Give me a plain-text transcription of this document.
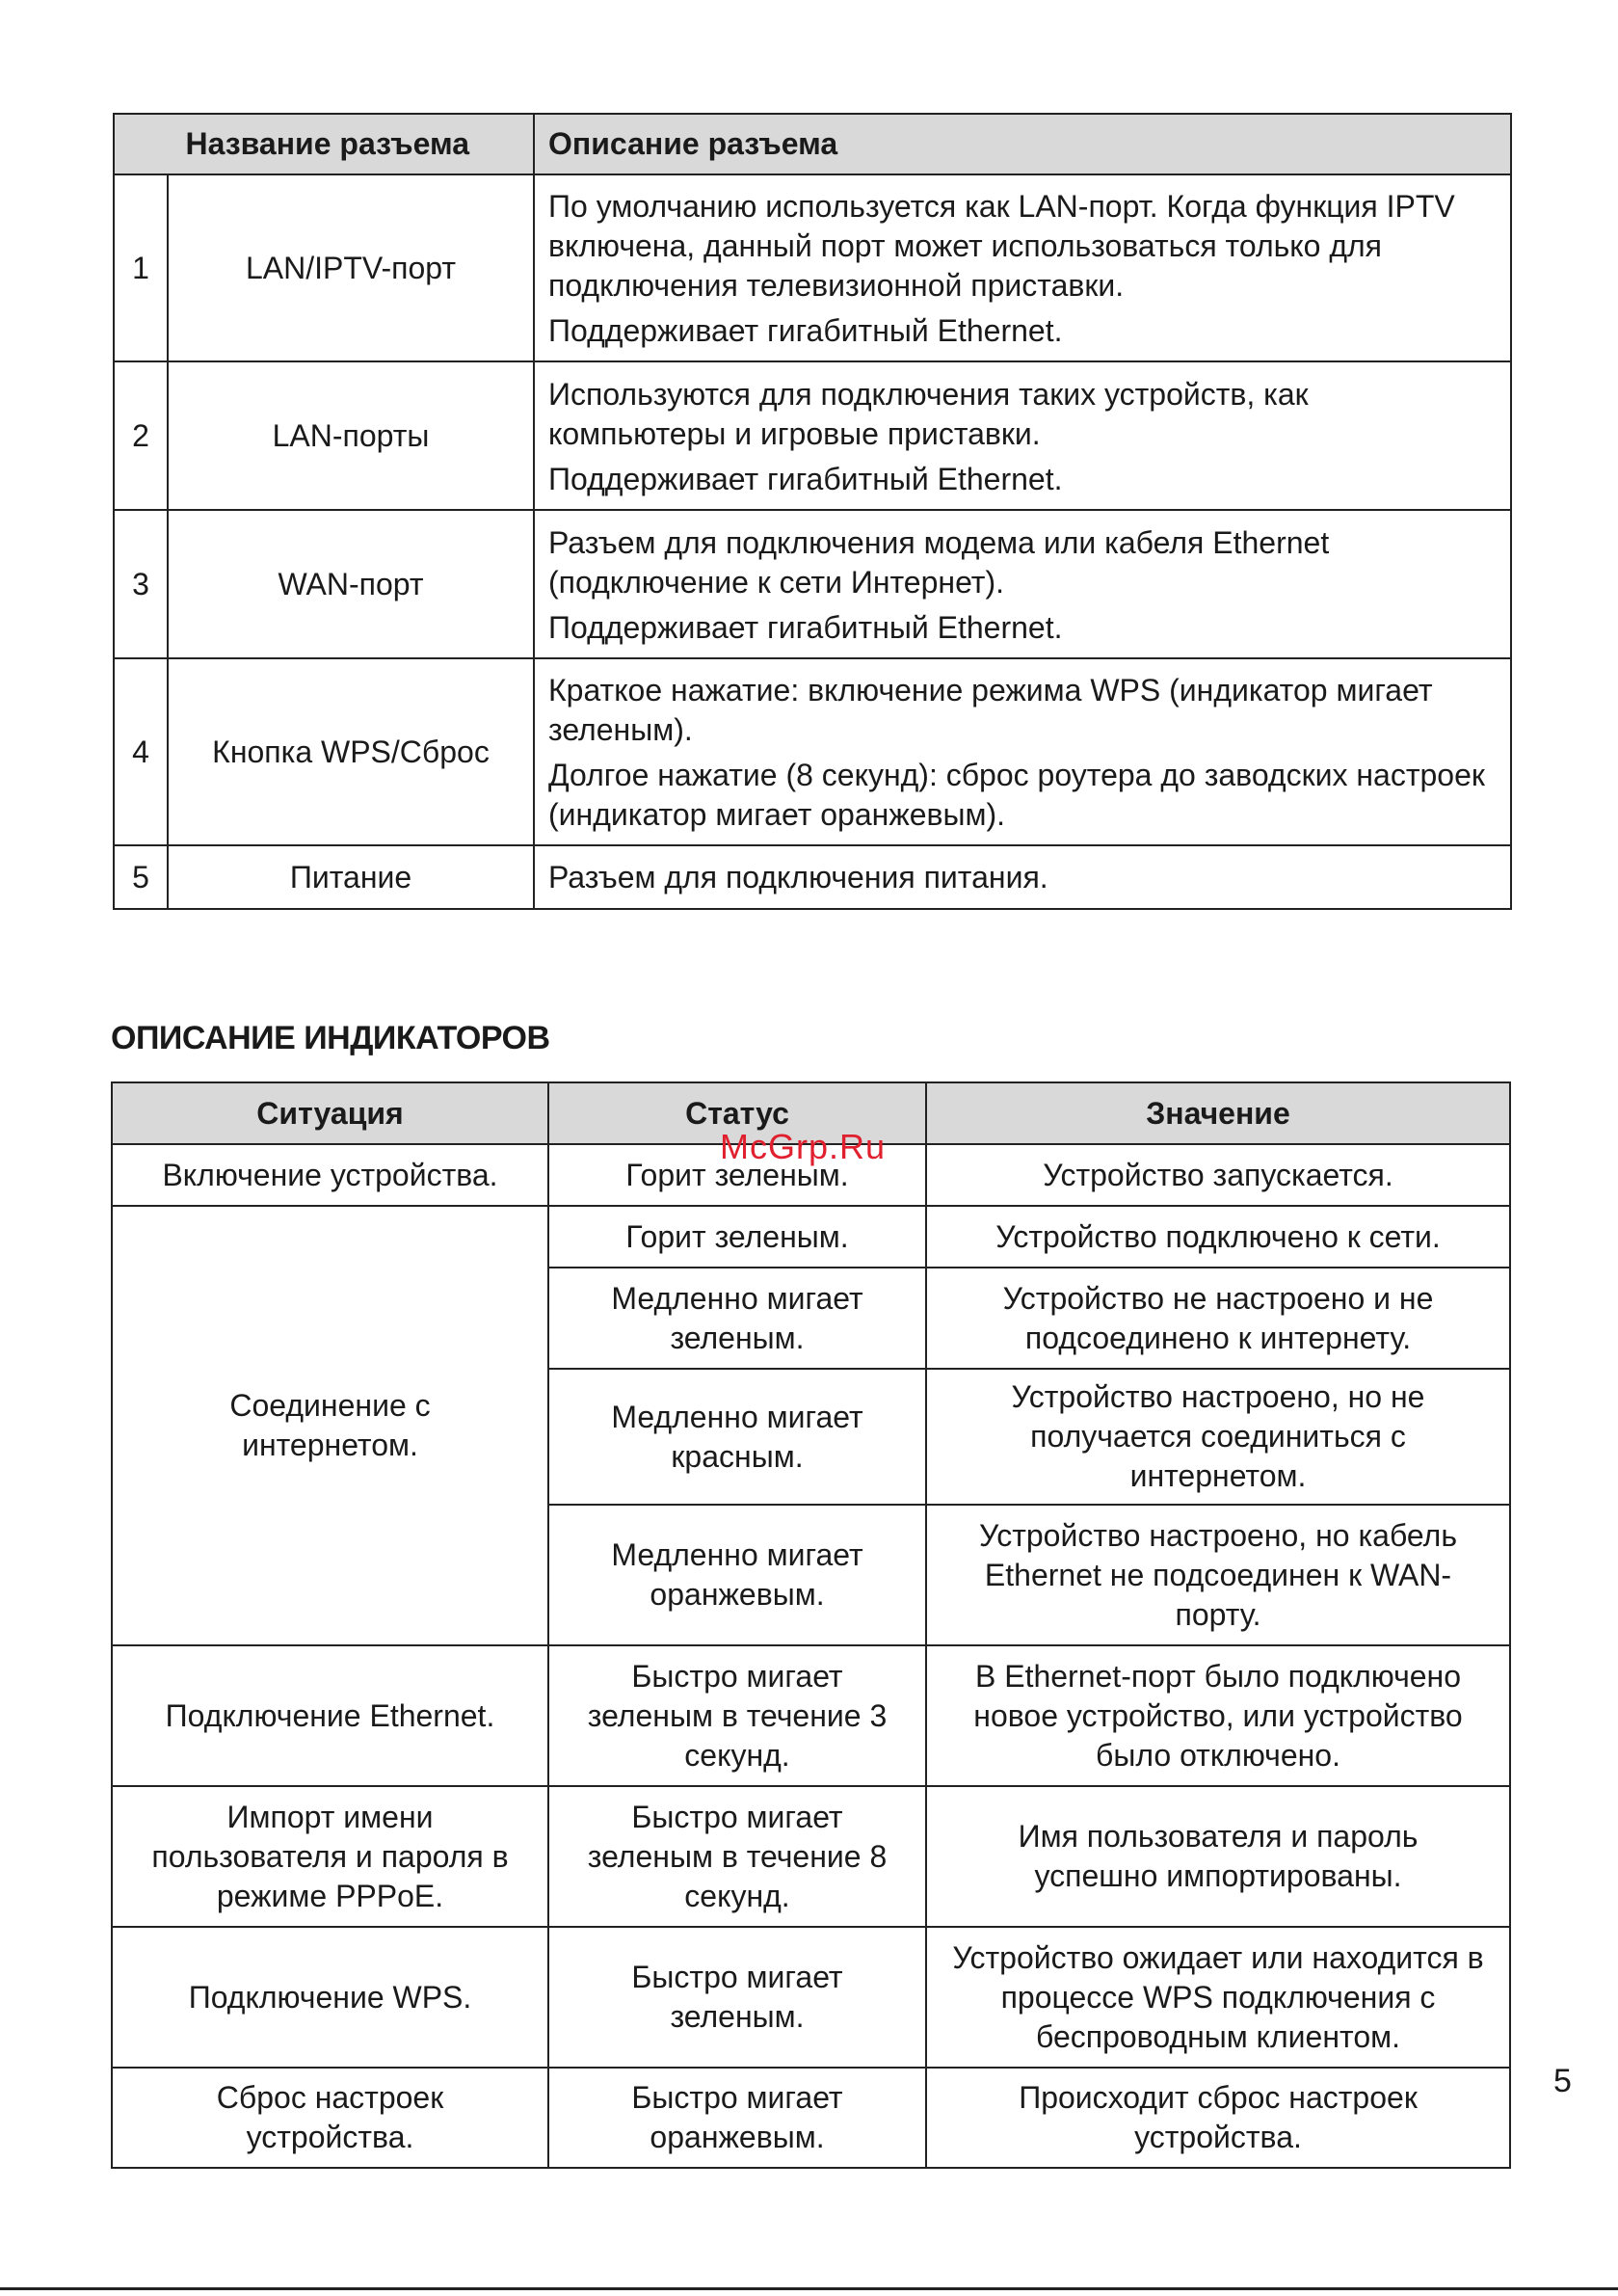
Название разъема		Описание разъема
1	LAN/IPTV-порт	По умолчанию используется как LAN-порт. Когда функция IPTV включена, данный порт может использоваться только для подключения телевизионной приставки.
Поддерживает гигабитный Ethernet.

2	LAN-порты	Используются для подключения таких устройств, как компьютеры и игровые приставки.
Поддерживает гигабитный Ethernet.

3	WAN-порт	Разъем для подключения модема или кабеля Ethernet (подключение к сети Интернет).
Поддерживает гигабитный Ethernet.

4	Кнопка WPS/Сброс	Краткое нажатие: включение режима WPS (индикатор мигает зеленым).
Долгое нажатие (8 секунд): сброс роутера до заводских настроек (индикатор мигает оранжевым).

5	Питание	Разъем для подключения питания.
ОПИСАНИЕ ИНДИКАТОРОВ
Ситуация	Статус	Значение
Включение устройства.	Горит зеленым.	Устройство запускается.
Соединение с интернетом.	Горит зеленым.	Устройство подключено к сети.
	Медленно мигает зеленым.	Устройство не настроено и не подсоединено к интернету.
	Медленно мигает красным.	Устройство настроено, но не получается соединиться с интернетом.
	Медленно мигает оранжевым.	Устройство настроено, но кабель Ethernet не подсоединен к WAN-порту.
Подключение Ethernet.	Быстро мигает зеленым в течение 3 секунд.	В Ethernet-порт было подключено новое устройство, или устройство было отключено.
Импорт имени пользователя и пароля в режиме PPPoE.	Быстро мигает зеленым в течение 8 секунд.	Имя пользователя и пароль успешно импортированы.
Подключение WPS.	Быстро мигает зеленым.	Устройство ожидает или находится в процессе WPS подключения с беспроводным клиентом.
Сброс настроек устройства.	Быстро мигает оранжевым.	Происходит сброс настроек устройства.
McGrp.Ru
5
